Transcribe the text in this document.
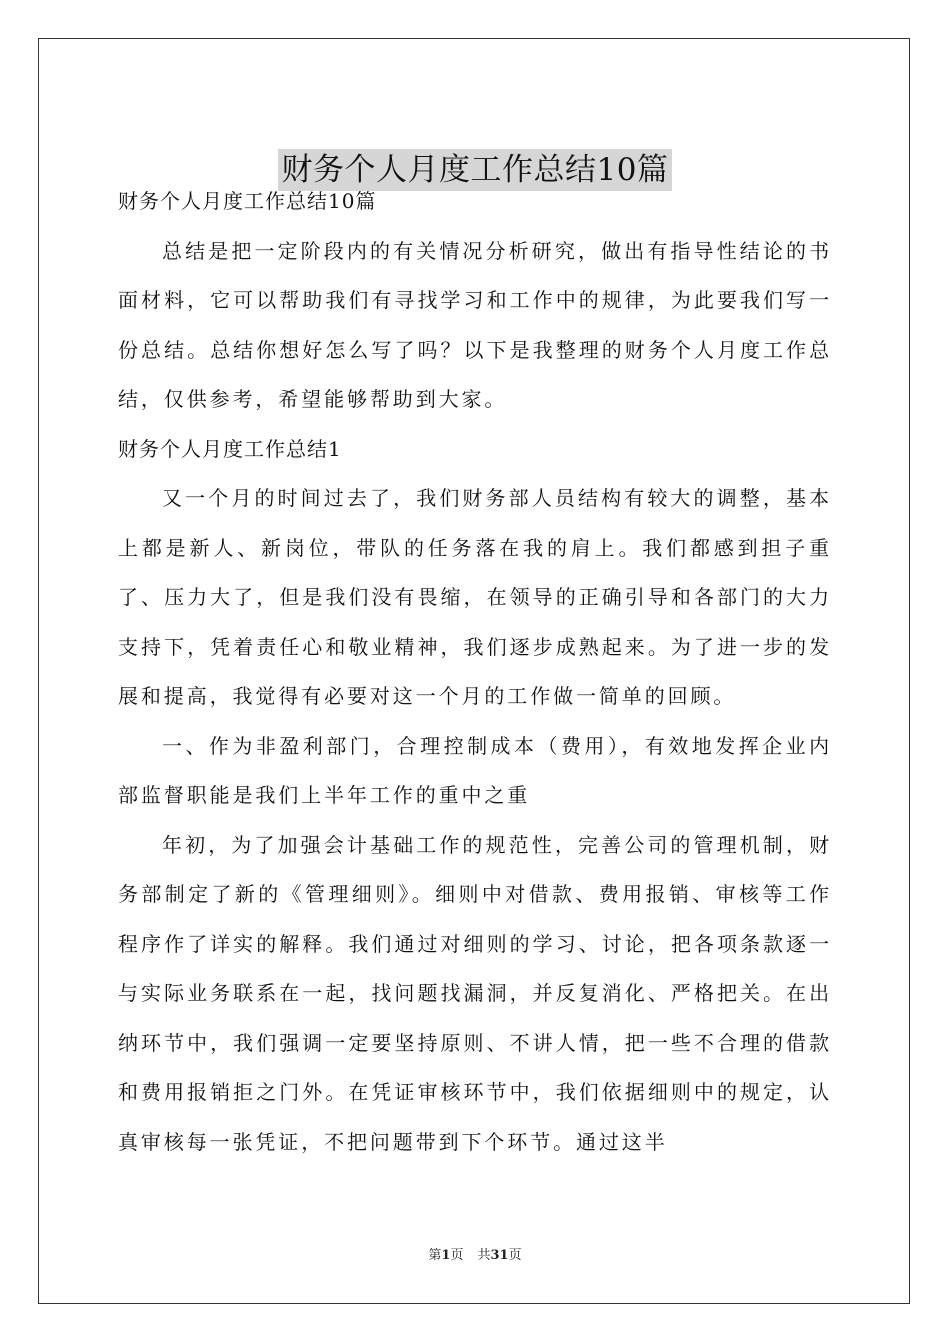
财务个人月度工作总结10篇

财务个人月度工作总结10篇

总结是把一定阶段内的有关情况分析研究，做出有指导性结论的书面材料，它可以帮助我们有寻找学习和工作中的规律，为此要我们写一份总结。总结你想好怎么写了吗？以下是我整理的财务个人月度工作总结，仅供参考，希望能够帮助到大家。

财务个人月度工作总结1

又一个月的时间过去了，我们财务部人员结构有较大的调整，基本上都是新人、新岗位，带队的任务落在我的肩上。我们都感到担子重了、压力大了，但是我们没有畏缩，在领导的正确引导和各部门的大力支持下，凭着责任心和敬业精神，我们逐步成熟起来。为了进一步的发展和提高，我觉得有必要对这一个月的工作做一简单的回顾。

一、作为非盈利部门，合理控制成本（费用），有效地发挥企业内部监督职能是我们上半年工作的重中之重

年初，为了加强会计基础工作的规范性，完善公司的管理机制，财务部制定了新的《管理细则》。细则中对借款、费用报销、审核等工作程序作了详实的解释。我们通过对细则的学习、讨论，把各项条款逐一与实际业务联系在一起，找问题找漏洞，并反复消化、严格把关。在出纳环节中，我们强调一定要坚持原则、不讲人情，把一些不合理的借款和费用报销拒之门外。在凭证审核环节中，我们依据细则中的规定，认真审核每一张凭证，不把问题带到下个环节。通过这半

第1页 共31页
